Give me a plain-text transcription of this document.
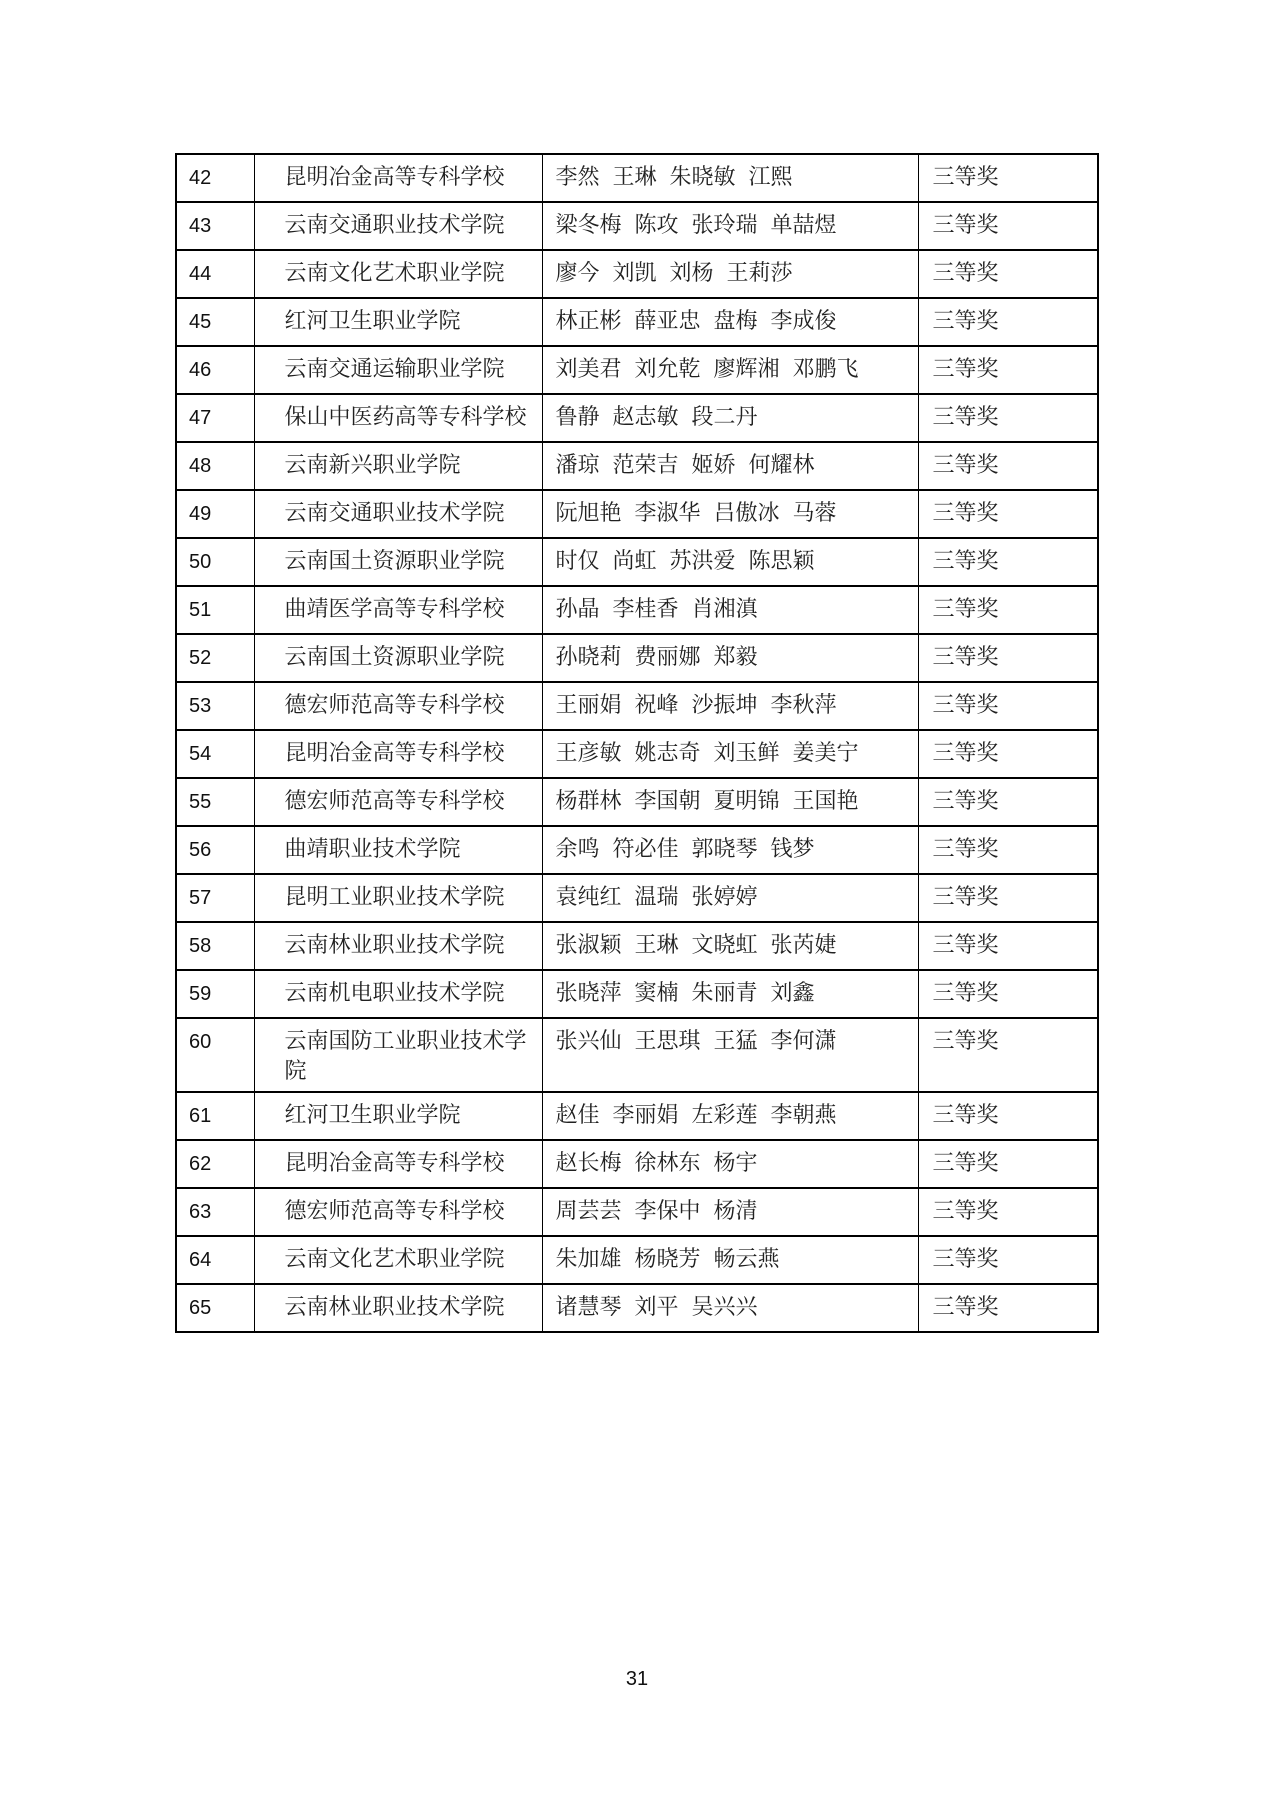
42	昆明冶金高等专科学校	李然 王琳 朱晓敏 江熙	三等奖
43	云南交通职业技术学院	梁冬梅 陈攻 张玲瑞 单喆煜	三等奖
44	云南文化艺术职业学院	廖今 刘凯 刘杨 王莉莎	三等奖
45	红河卫生职业学院	林正彬 薛亚忠 盘梅 李成俊	三等奖
46	云南交通运输职业学院	刘美君 刘允乾 廖辉湘 邓鹏飞	三等奖
47	保山中医药高等专科学校	鲁静 赵志敏 段二丹	三等奖
48	云南新兴职业学院	潘琼 范荣吉 姬娇 何耀林	三等奖
49	云南交通职业技术学院	阮旭艳 李淑华 吕傲冰 马蓉	三等奖
50	云南国土资源职业学院	时仅 尚虹 苏洪爱 陈思颖	三等奖
51	曲靖医学高等专科学校	孙晶 李桂香 肖湘滇	三等奖
52	云南国土资源职业学院	孙晓莉 费丽娜 郑毅	三等奖
53	德宏师范高等专科学校	王丽娟 祝峰 沙振坤 李秋萍	三等奖
54	昆明冶金高等专科学校	王彦敏 姚志奇 刘玉鲜 姜美宁	三等奖
55	德宏师范高等专科学校	杨群林 李国朝 夏明锦 王国艳	三等奖
56	曲靖职业技术学院	余鸣 符必佳 郭晓琴 钱梦	三等奖
57	昆明工业职业技术学院	袁纯红 温瑞 张婷婷	三等奖
58	云南林业职业技术学院	张淑颖 王琳 文晓虹 张芮婕	三等奖
59	云南机电职业技术学院	张晓萍 窦楠 朱丽青 刘鑫	三等奖
60	云南国防工业职业技术学院	张兴仙 王思琪 王猛 李何潇	三等奖
61	红河卫生职业学院	赵佳 李丽娟 左彩莲 李朝燕	三等奖
62	昆明冶金高等专科学校	赵长梅 徐林东 杨宇	三等奖
63	德宏师范高等专科学校	周芸芸 李保中 杨清	三等奖
64	云南文化艺术职业学院	朱加雄 杨晓芳 畅云燕	三等奖
65	云南林业职业技术学院	诸慧琴 刘平 吴兴兴	三等奖
31
